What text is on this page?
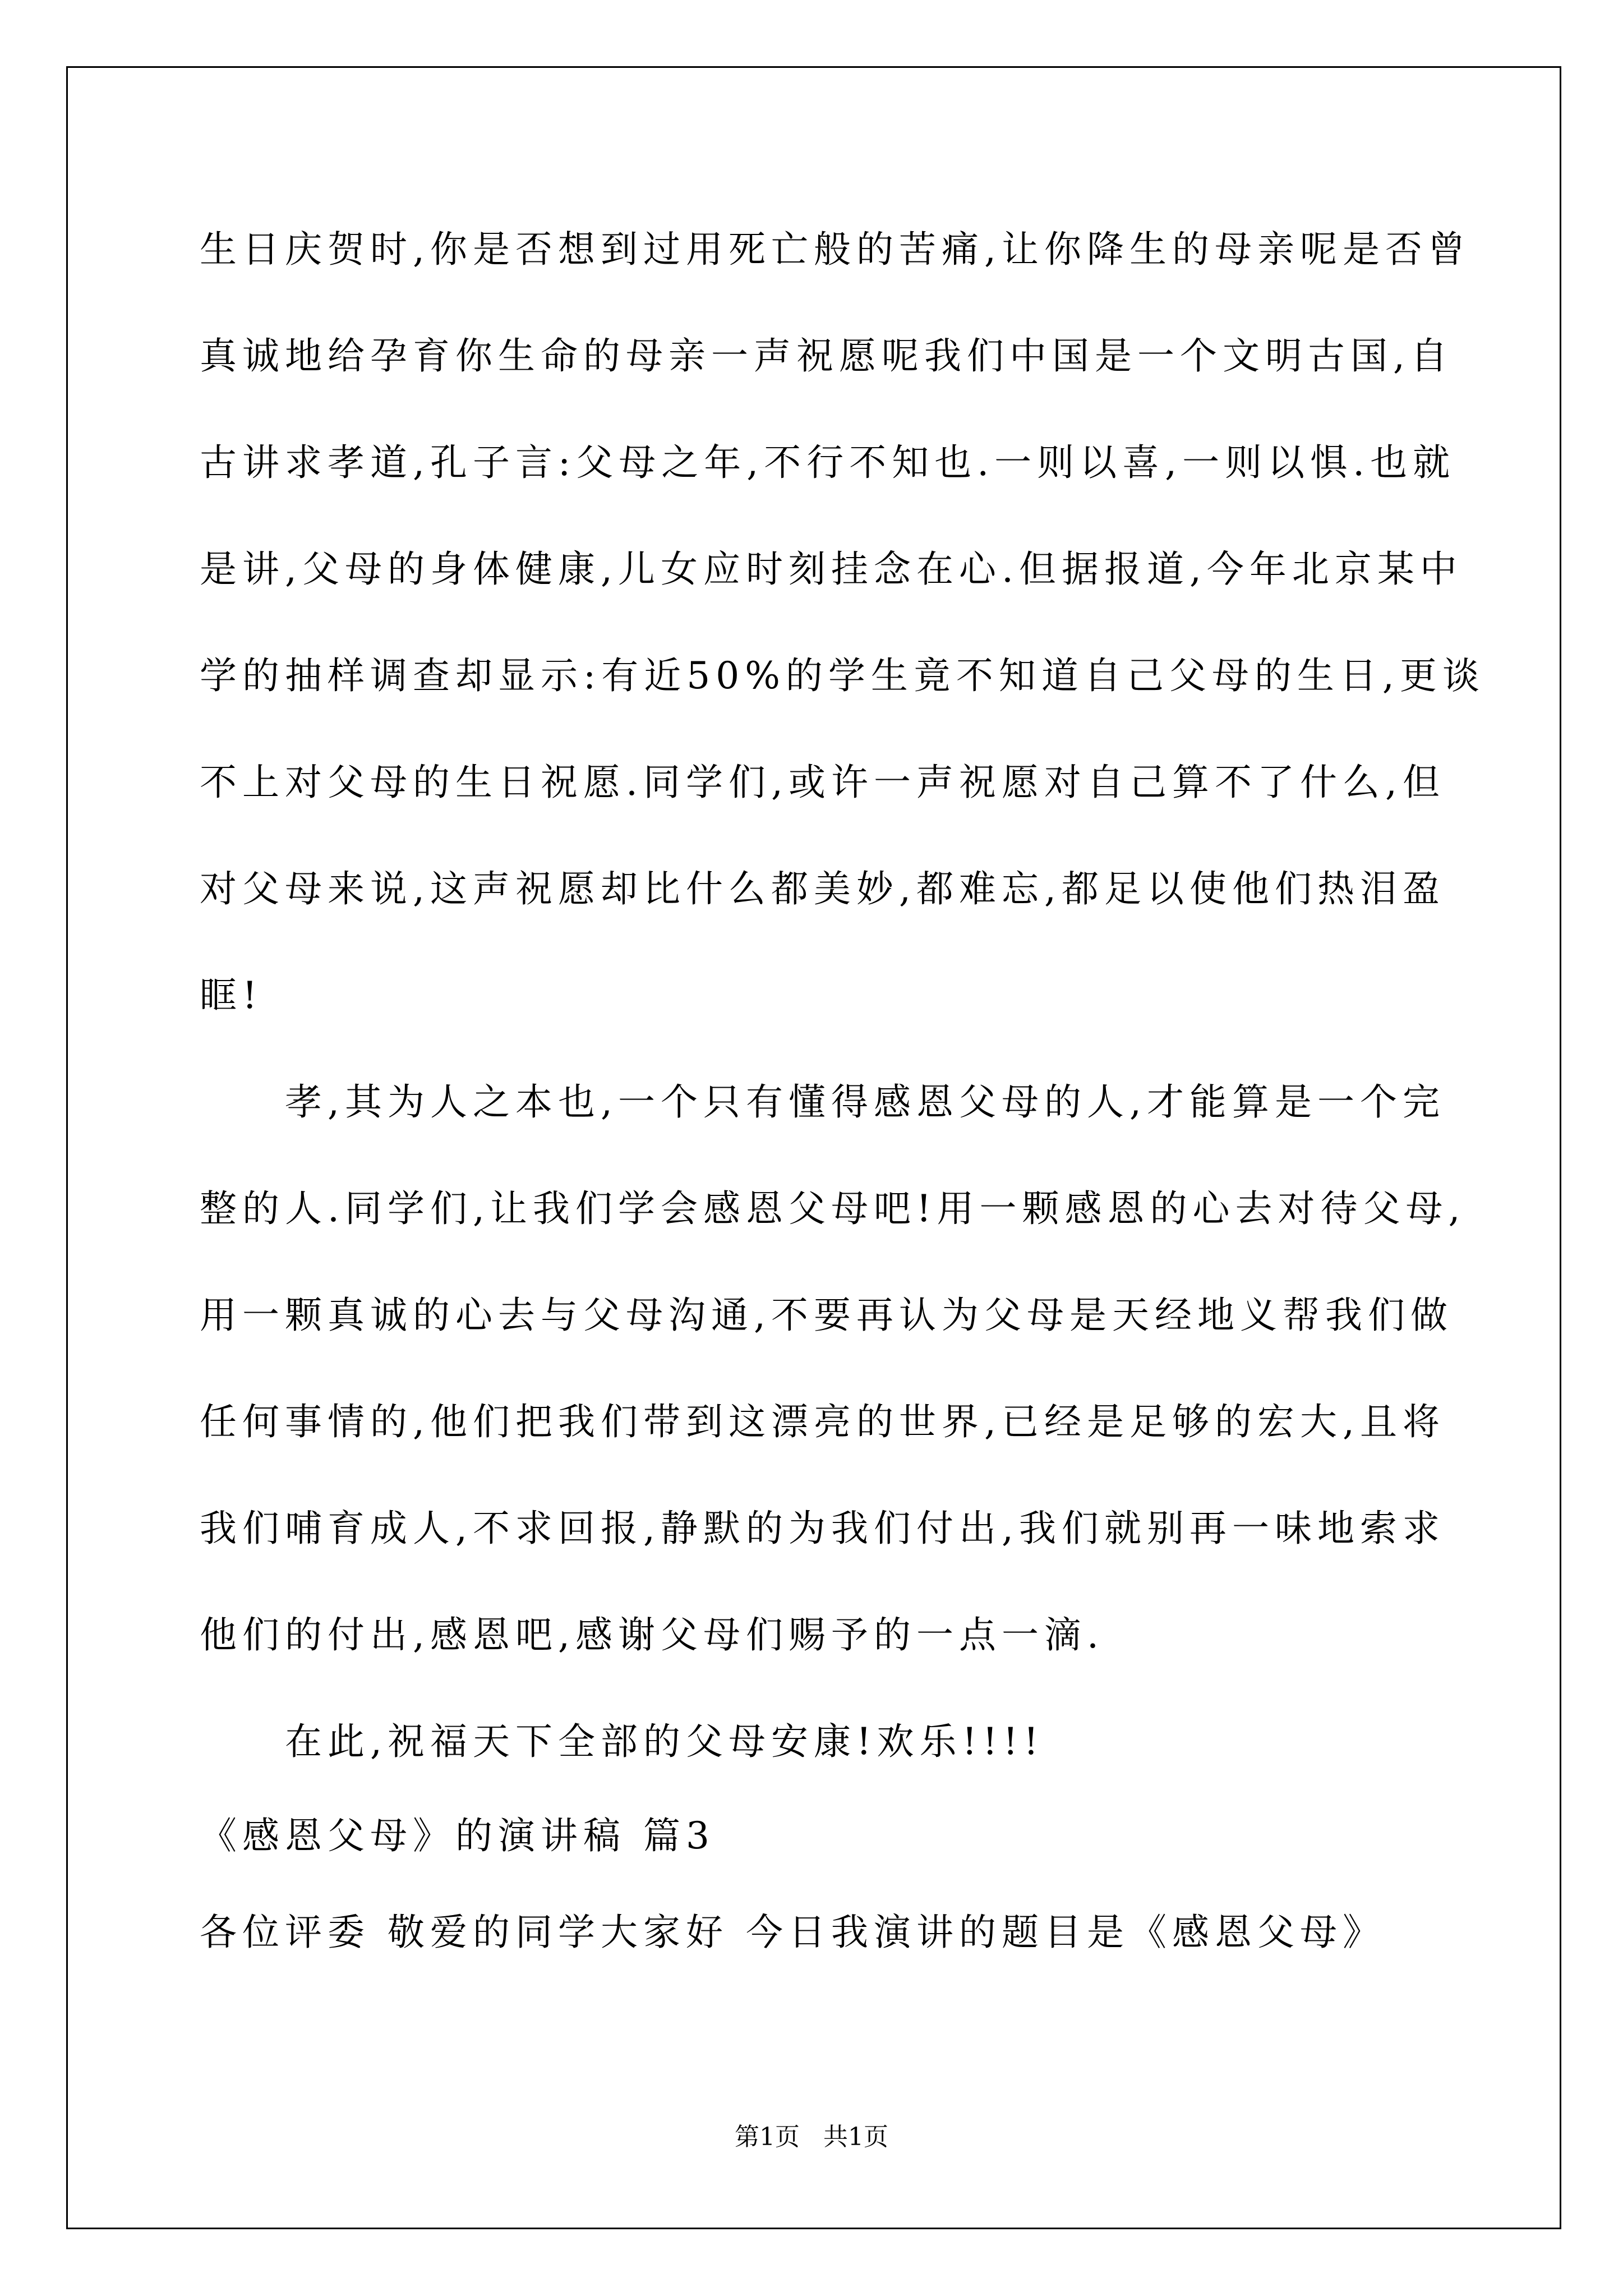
生日庆贺时,你是否想到过用死亡般的苦痛,让你降生的母亲呢是否曾
真诚地给孕育你生命的母亲一声祝愿呢我们中国是一个文明古国,自
古讲求孝道,孔子言:父母之年,不行不知也.一则以喜,一则以惧.也就
是讲,父母的身体健康,儿女应时刻挂念在心.但据报道,今年北京某中
学的抽样调查却显示:有近50%的学生竟不知道自己父母的生日,更谈
不上对父母的生日祝愿.同学们,或许一声祝愿对自己算不了什么,但
对父母来说,这声祝愿却比什么都美妙,都难忘,都足以使他们热泪盈
眶!
　　孝,其为人之本也,一个只有懂得感恩父母的人,才能算是一个完
整的人.同学们,让我们学会感恩父母吧!用一颗感恩的心去对待父母,
用一颗真诚的心去与父母沟通,不要再认为父母是天经地义帮我们做
任何事情的,他们把我们带到这漂亮的世界,已经是足够的宏大,且将
我们哺育成人,不求回报,静默的为我们付出,我们就别再一味地索求
他们的付出,感恩吧,感谢父母们赐予的一点一滴.
　　在此,祝福天下全部的父母安康!欢乐!!!!
《感恩父母》的演讲稿 篇3
各位评委 敬爱的同学大家好 今日我演讲的题目是《感恩父母》
第1页 共1页
